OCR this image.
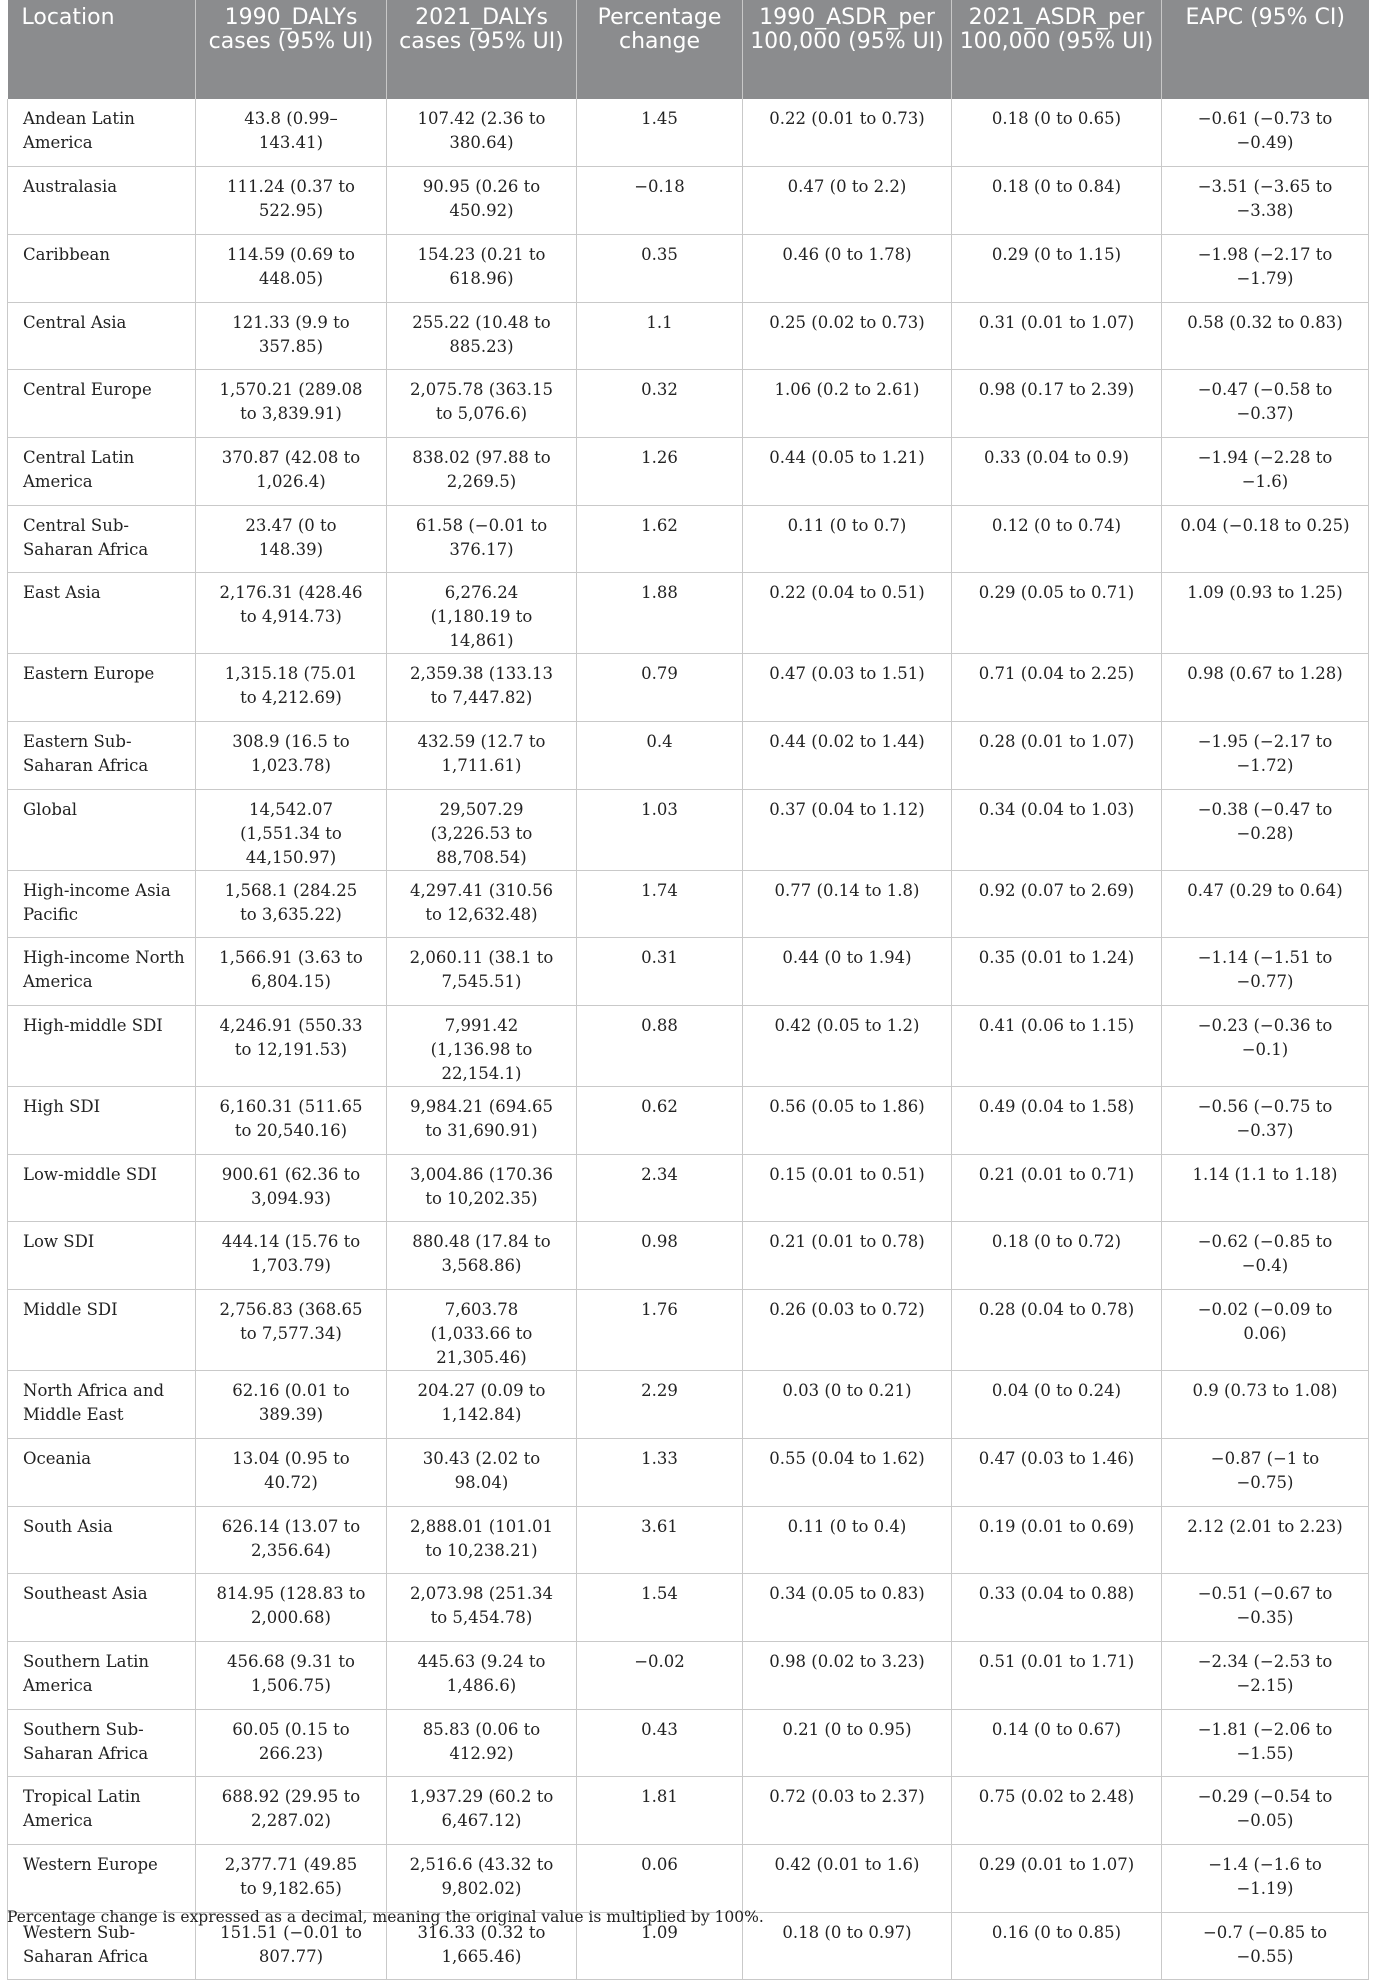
Location	1990_DALYs cases (95% UI)	2021_DALYs cases (95% UI)	Percentage change	1990_ASDR_per 100,000 (95% UI)	2021_ASDR_per 100,000 (95% UI)	EAPC (95% CI)
Andean Latin America	43.8 (0.99–143.41)	107.42 (2.36 to 380.64)	1.45	0.22 (0.01 to 0.73)	0.18 (0 to 0.65)	−0.61 (−0.73 to −0.49)
Australasia	111.24 (0.37 to 522.95)	90.95 (0.26 to 450.92)	−0.18	0.47 (0 to 2.2)	0.18 (0 to 0.84)	−3.51 (−3.65 to −3.38)
Caribbean	114.59 (0.69 to 448.05)	154.23 (0.21 to 618.96)	0.35	0.46 (0 to 1.78)	0.29 (0 to 1.15)	−1.98 (−2.17 to −1.79)
Central Asia	121.33 (9.9 to 357.85)	255.22 (10.48 to 885.23)	1.1	0.25 (0.02 to 0.73)	0.31 (0.01 to 1.07)	0.58 (0.32 to 0.83)
Central Europe	1,570.21 (289.08 to 3,839.91)	2,075.78 (363.15 to 5,076.6)	0.32	1.06 (0.2 to 2.61)	0.98 (0.17 to 2.39)	−0.47 (−0.58 to −0.37)
Central Latin America	370.87 (42.08 to 1,026.4)	838.02 (97.88 to 2,269.5)	1.26	0.44 (0.05 to 1.21)	0.33 (0.04 to 0.9)	−1.94 (−2.28 to −1.6)
Central Sub-Saharan Africa	23.47 (0 to 148.39)	61.58 (−0.01 to 376.17)	1.62	0.11 (0 to 0.7)	0.12 (0 to 0.74)	0.04 (−0.18 to 0.25)
East Asia	2,176.31 (428.46 to 4,914.73)	6,276.24 (1,180.19 to 14,861)	1.88	0.22 (0.04 to 0.51)	0.29 (0.05 to 0.71)	1.09 (0.93 to 1.25)
Eastern Europe	1,315.18 (75.01 to 4,212.69)	2,359.38 (133.13 to 7,447.82)	0.79	0.47 (0.03 to 1.51)	0.71 (0.04 to 2.25)	0.98 (0.67 to 1.28)
Eastern Sub-Saharan Africa	308.9 (16.5 to 1,023.78)	432.59 (12.7 to 1,711.61)	0.4	0.44 (0.02 to 1.44)	0.28 (0.01 to 1.07)	−1.95 (−2.17 to −1.72)
Global	14,542.07 (1,551.34 to 44,150.97)	29,507.29 (3,226.53 to 88,708.54)	1.03	0.37 (0.04 to 1.12)	0.34 (0.04 to 1.03)	−0.38 (−0.47 to −0.28)
High-income Asia Pacific	1,568.1 (284.25 to 3,635.22)	4,297.41 (310.56 to 12,632.48)	1.74	0.77 (0.14 to 1.8)	0.92 (0.07 to 2.69)	0.47 (0.29 to 0.64)
High-income North America	1,566.91 (3.63 to 6,804.15)	2,060.11 (38.1 to 7,545.51)	0.31	0.44 (0 to 1.94)	0.35 (0.01 to 1.24)	−1.14 (−1.51 to −0.77)
High-middle SDI	4,246.91 (550.33 to 12,191.53)	7,991.42 (1,136.98 to 22,154.1)	0.88	0.42 (0.05 to 1.2)	0.41 (0.06 to 1.15)	−0.23 (−0.36 to −0.1)
High SDI	6,160.31 (511.65 to 20,540.16)	9,984.21 (694.65 to 31,690.91)	0.62	0.56 (0.05 to 1.86)	0.49 (0.04 to 1.58)	−0.56 (−0.75 to −0.37)
Low-middle SDI	900.61 (62.36 to 3,094.93)	3,004.86 (170.36 to 10,202.35)	2.34	0.15 (0.01 to 0.51)	0.21 (0.01 to 0.71)	1.14 (1.1 to 1.18)
Low SDI	444.14 (15.76 to 1,703.79)	880.48 (17.84 to 3,568.86)	0.98	0.21 (0.01 to 0.78)	0.18 (0 to 0.72)	−0.62 (−0.85 to −0.4)
Middle SDI	2,756.83 (368.65 to 7,577.34)	7,603.78 (1,033.66 to 21,305.46)	1.76	0.26 (0.03 to 0.72)	0.28 (0.04 to 0.78)	−0.02 (−0.09 to 0.06)
North Africa and Middle East	62.16 (0.01 to 389.39)	204.27 (0.09 to 1,142.84)	2.29	0.03 (0 to 0.21)	0.04 (0 to 0.24)	0.9 (0.73 to 1.08)
Oceania	13.04 (0.95 to 40.72)	30.43 (2.02 to 98.04)	1.33	0.55 (0.04 to 1.62)	0.47 (0.03 to 1.46)	−0.87 (−1 to −0.75)
South Asia	626.14 (13.07 to 2,356.64)	2,888.01 (101.01 to 10,238.21)	3.61	0.11 (0 to 0.4)	0.19 (0.01 to 0.69)	2.12 (2.01 to 2.23)
Southeast Asia	814.95 (128.83 to 2,000.68)	2,073.98 (251.34 to 5,454.78)	1.54	0.34 (0.05 to 0.83)	0.33 (0.04 to 0.88)	−0.51 (−0.67 to −0.35)
Southern Latin America	456.68 (9.31 to 1,506.75)	445.63 (9.24 to 1,486.6)	−0.02	0.98 (0.02 to 3.23)	0.51 (0.01 to 1.71)	−2.34 (−2.53 to −2.15)
Southern Sub-Saharan Africa	60.05 (0.15 to 266.23)	85.83 (0.06 to 412.92)	0.43	0.21 (0 to 0.95)	0.14 (0 to 0.67)	−1.81 (−2.06 to −1.55)
Tropical Latin America	688.92 (29.95 to 2,287.02)	1,937.29 (60.2 to 6,467.12)	1.81	0.72 (0.03 to 2.37)	0.75 (0.02 to 2.48)	−0.29 (−0.54 to −0.05)
Western Europe	2,377.71 (49.85 to 9,182.65)	2,516.6 (43.32 to 9,802.02)	0.06	0.42 (0.01 to 1.6)	0.29 (0.01 to 1.07)	−1.4 (−1.6 to −1.19)
Western Sub-Saharan Africa	151.51 (−0.01 to 807.77)	316.33 (0.32 to 1,665.46)	1.09	0.18 (0 to 0.97)	0.16 (0 to 0.85)	−0.7 (−0.85 to −0.55)
Percentage change is expressed as a decimal, meaning the original value is multiplied by 100%.
